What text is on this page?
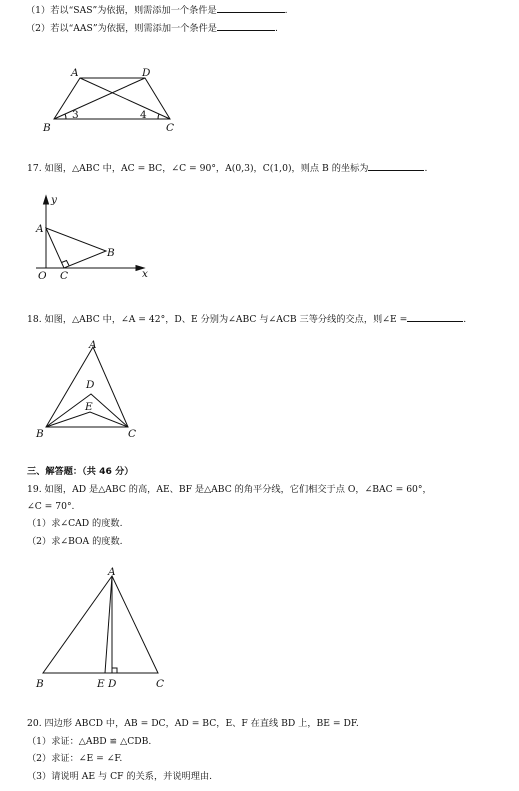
（1）若以“SAS”为依据，则需添加一个条件是	.
（2）若以“AAS”为依据，则需添加一个条件是	.
A	D
B	C
3	4
y
x
A
B
O C
A
D
E
B	C
A
B	E D	C
17. 如图，△ABC 中，AC = BC，∠C = 90°，A(0,3)，C(1,0)，则点 B 的坐标为	.
18. 如图，△ABC 中，∠A = 42°，D、E 分别为∠ABC 与∠ACB 三等分线的交点，则∠E =	.
三、解答题：（共 46 分）
19. 如图，AD 是△ABC 的高，AE、BF 是△ABC 的角平分线，它们相交于点 O，∠BAC = 60°，
∠C = 70°.
（1）求∠CAD 的度数.
（2）求∠BOA 的度数.
20. 四边形 ABCD 中，AB = DC，AD = BC，E、F 在直线 BD 上，BE = DF.
（1）求证：△ABD ≌ △CDB.
（2）求证：∠E = ∠F.
（3）请说明 AE 与 CF 的关系，并说明理由.
